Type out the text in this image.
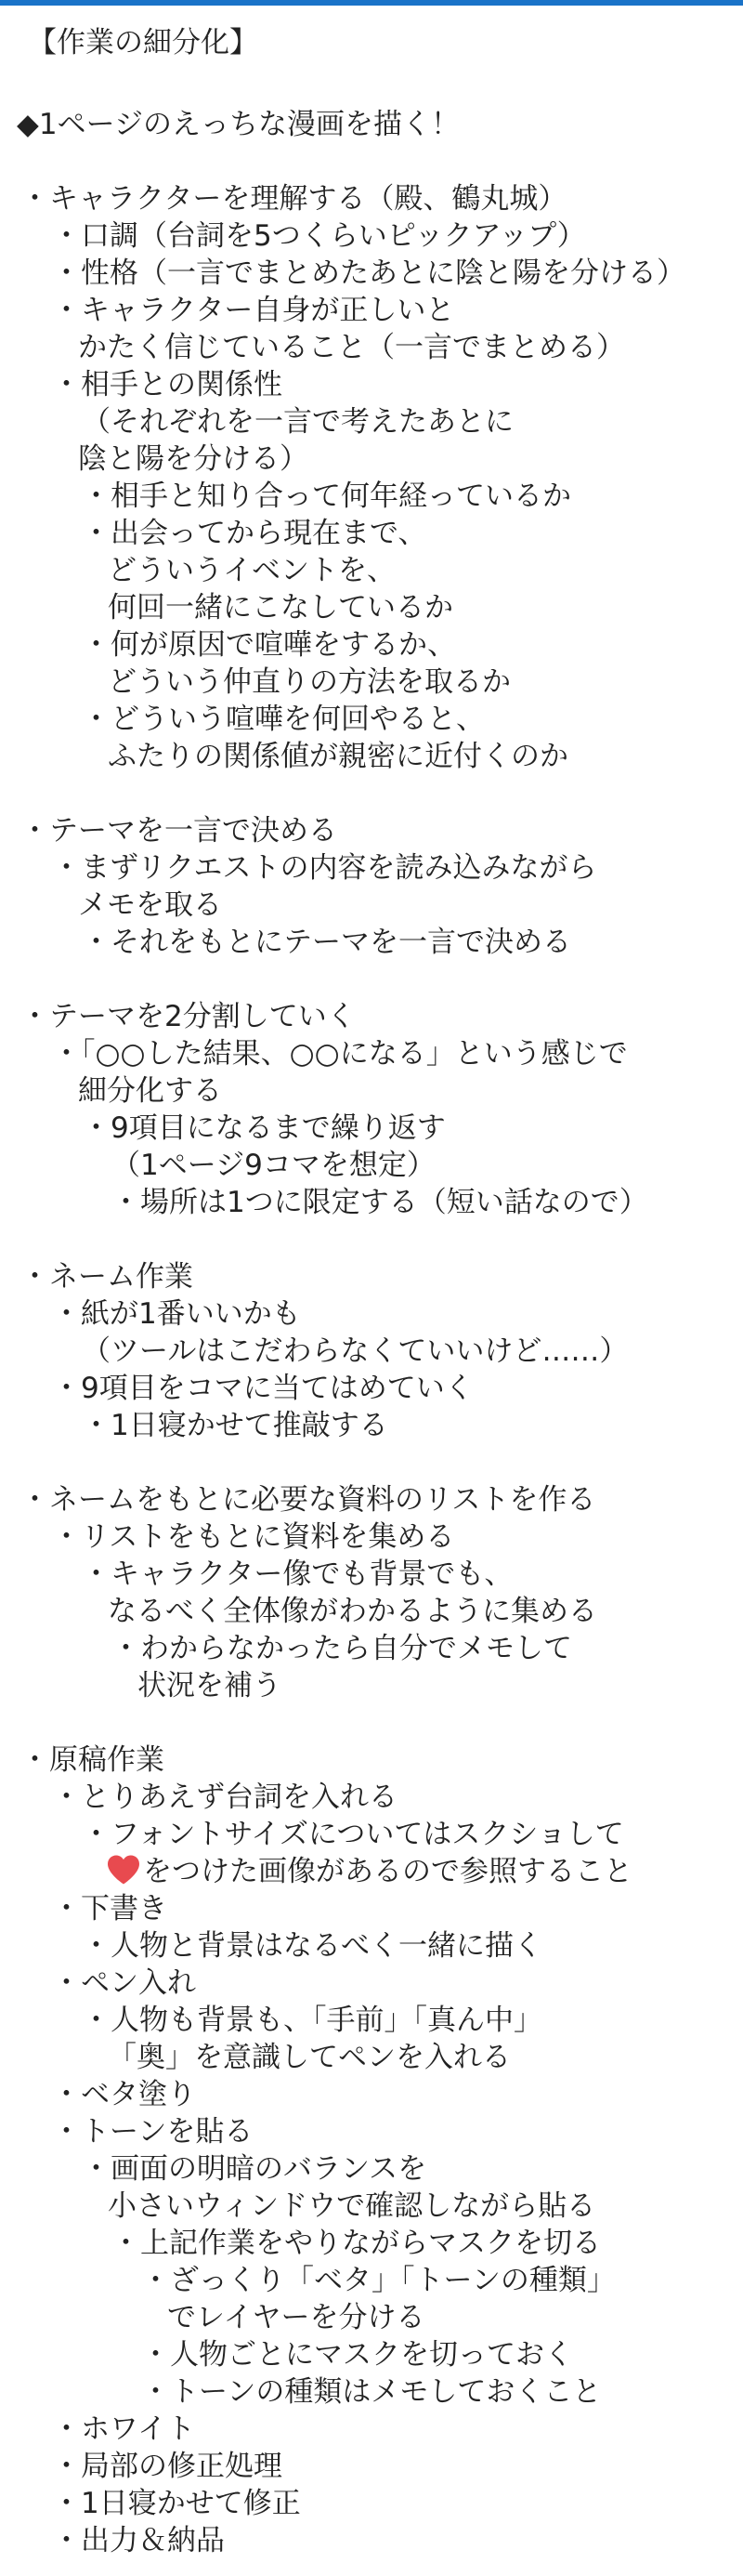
【作業の細分化】
◆1ページのえっちな漫画を描く！
・キャラクターを理解する（殿、鶴丸城）
・口調（台詞を5つくらいピックアップ）
・性格（一言でまとめたあとに陰と陽を分ける）
・キャラクター自身が正しいと
かたく信じていること（一言でまとめる）
・相手との関係性
（それぞれを一言で考えたあとに
陰と陽を分ける）
・相手と知り合って何年経っているか
・出会ってから現在まで、
どういうイベントを、
何回一緒にこなしているか
・何が原因で喧嘩をするか、
どういう仲直りの方法を取るか
・どういう喧嘩を何回やると、
ふたりの関係値が親密に近付くのか
・テーマを一言で決める
・まずリクエストの内容を読み込みながら
メモを取る
・それをもとにテーマを一言で決める
・テーマを2分割していく
・「○○した結果、○○になる」という感じで
細分化する
・9項目になるまで繰り返す
（1ページ9コマを想定）
・場所は1つに限定する（短い話なので）
・ネーム作業
・紙が1番いいかも
（ツールはこだわらなくていいけど……）
・9項目をコマに当てはめていく
・1日寝かせて推敲する
・ネームをもとに必要な資料のリストを作る
・リストをもとに資料を集める
・キャラクター像でも背景でも、
なるべく全体像がわかるように集める
・わからなかったら自分でメモして
状況を補う
・原稿作業
・とりあえず台詞を入れる
・フォントサイズについてはスクショして
をつけた画像があるので参照すること
・下書き
・人物と背景はなるべく一緒に描く
・ペン入れ
・人物も背景も、「手前」「真ん中」
「奥」を意識してペンを入れる
・ベタ塗り
・トーンを貼る
・画面の明暗のバランスを
小さいウィンドウで確認しながら貼る
・上記作業をやりながらマスクを切る
・ざっくり「ベタ」「トーンの種類」
でレイヤーを分ける
・人物ごとにマスクを切っておく
・トーンの種類はメモしておくこと
・ホワイト
・局部の修正処理
・1日寝かせて修正
・出力＆納品
